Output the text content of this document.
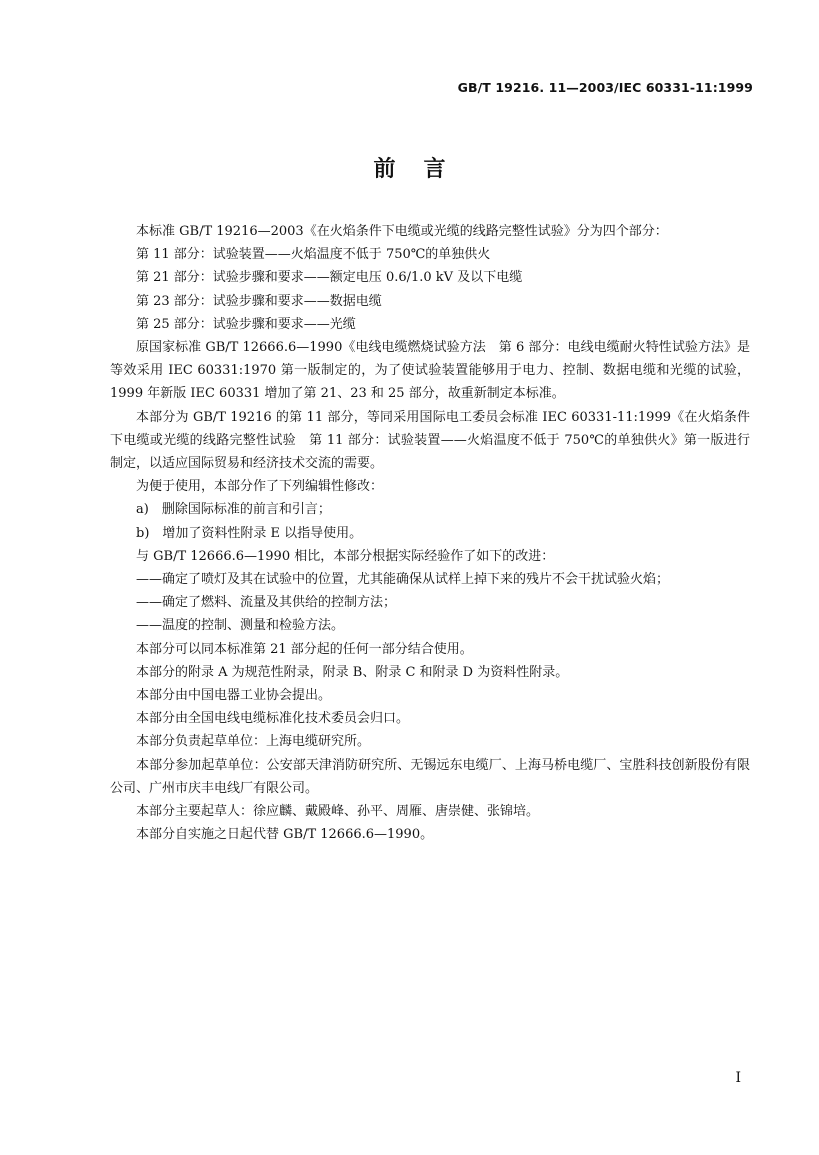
GB/T 19216. 11—2003/IEC 60331-11:1999
前言

本标准 GB/T 19216—2003《在火焰条件下电缆或光缆的线路完整性试验》分为四个部分：

第 11 部分：试验装置——火焰温度不低于 750℃的单独供火

第 21 部分：试验步骤和要求——额定电压 0.6/1.0 kV 及以下电缆

第 23 部分：试验步骤和要求——数据电缆

第 25 部分：试验步骤和要求——光缆

原国家标准 GB/T 12666.6—1990《电线电缆燃烧试验方法　第 6 部分：电线电缆耐火特性试验方法》是等效采用 IEC 60331:1970 第一版制定的，为了使试验装置能够用于电力、控制、数据电缆和光缆的试验，1999 年新版 IEC 60331 增加了第 21、23 和 25 部分，故重新制定本标准。

本部分为 GB/T 19216 的第 11 部分，等同采用国际电工委员会标准 IEC 60331-11:1999《在火焰条件下电缆或光缆的线路完整性试验　第 11 部分：试验装置——火焰温度不低于 750℃的单独供火》第一版进行制定，以适应国际贸易和经济技术交流的需要。

为便于使用，本部分作了下列编辑性修改：

a)　删除国际标准的前言和引言；

b)　增加了资料性附录 E 以指导使用。

与 GB/T 12666.6—1990 相比，本部分根据实际经验作了如下的改进：

——确定了喷灯及其在试验中的位置，尤其能确保从试样上掉下来的残片不会干扰试验火焰；

——确定了燃料、流量及其供给的控制方法；

——温度的控制、测量和检验方法。

本部分可以同本标准第 21 部分起的任何一部分结合使用。

本部分的附录 A 为规范性附录，附录 B、附录 C 和附录 D 为资料性附录。

本部分由中国电器工业协会提出。

本部分由全国电线电缆标准化技术委员会归口。

本部分负责起草单位：上海电缆研究所。

本部分参加起草单位：公安部天津消防研究所、无锡远东电缆厂、上海马桥电缆厂、宝胜科技创新股份有限公司、广州市庆丰电线厂有限公司。

本部分主要起草人：徐应麟、戴殿峰、孙平、周雁、唐崇健、张锦培。

本部分自实施之日起代替 GB/T 12666.6—1990。

I
